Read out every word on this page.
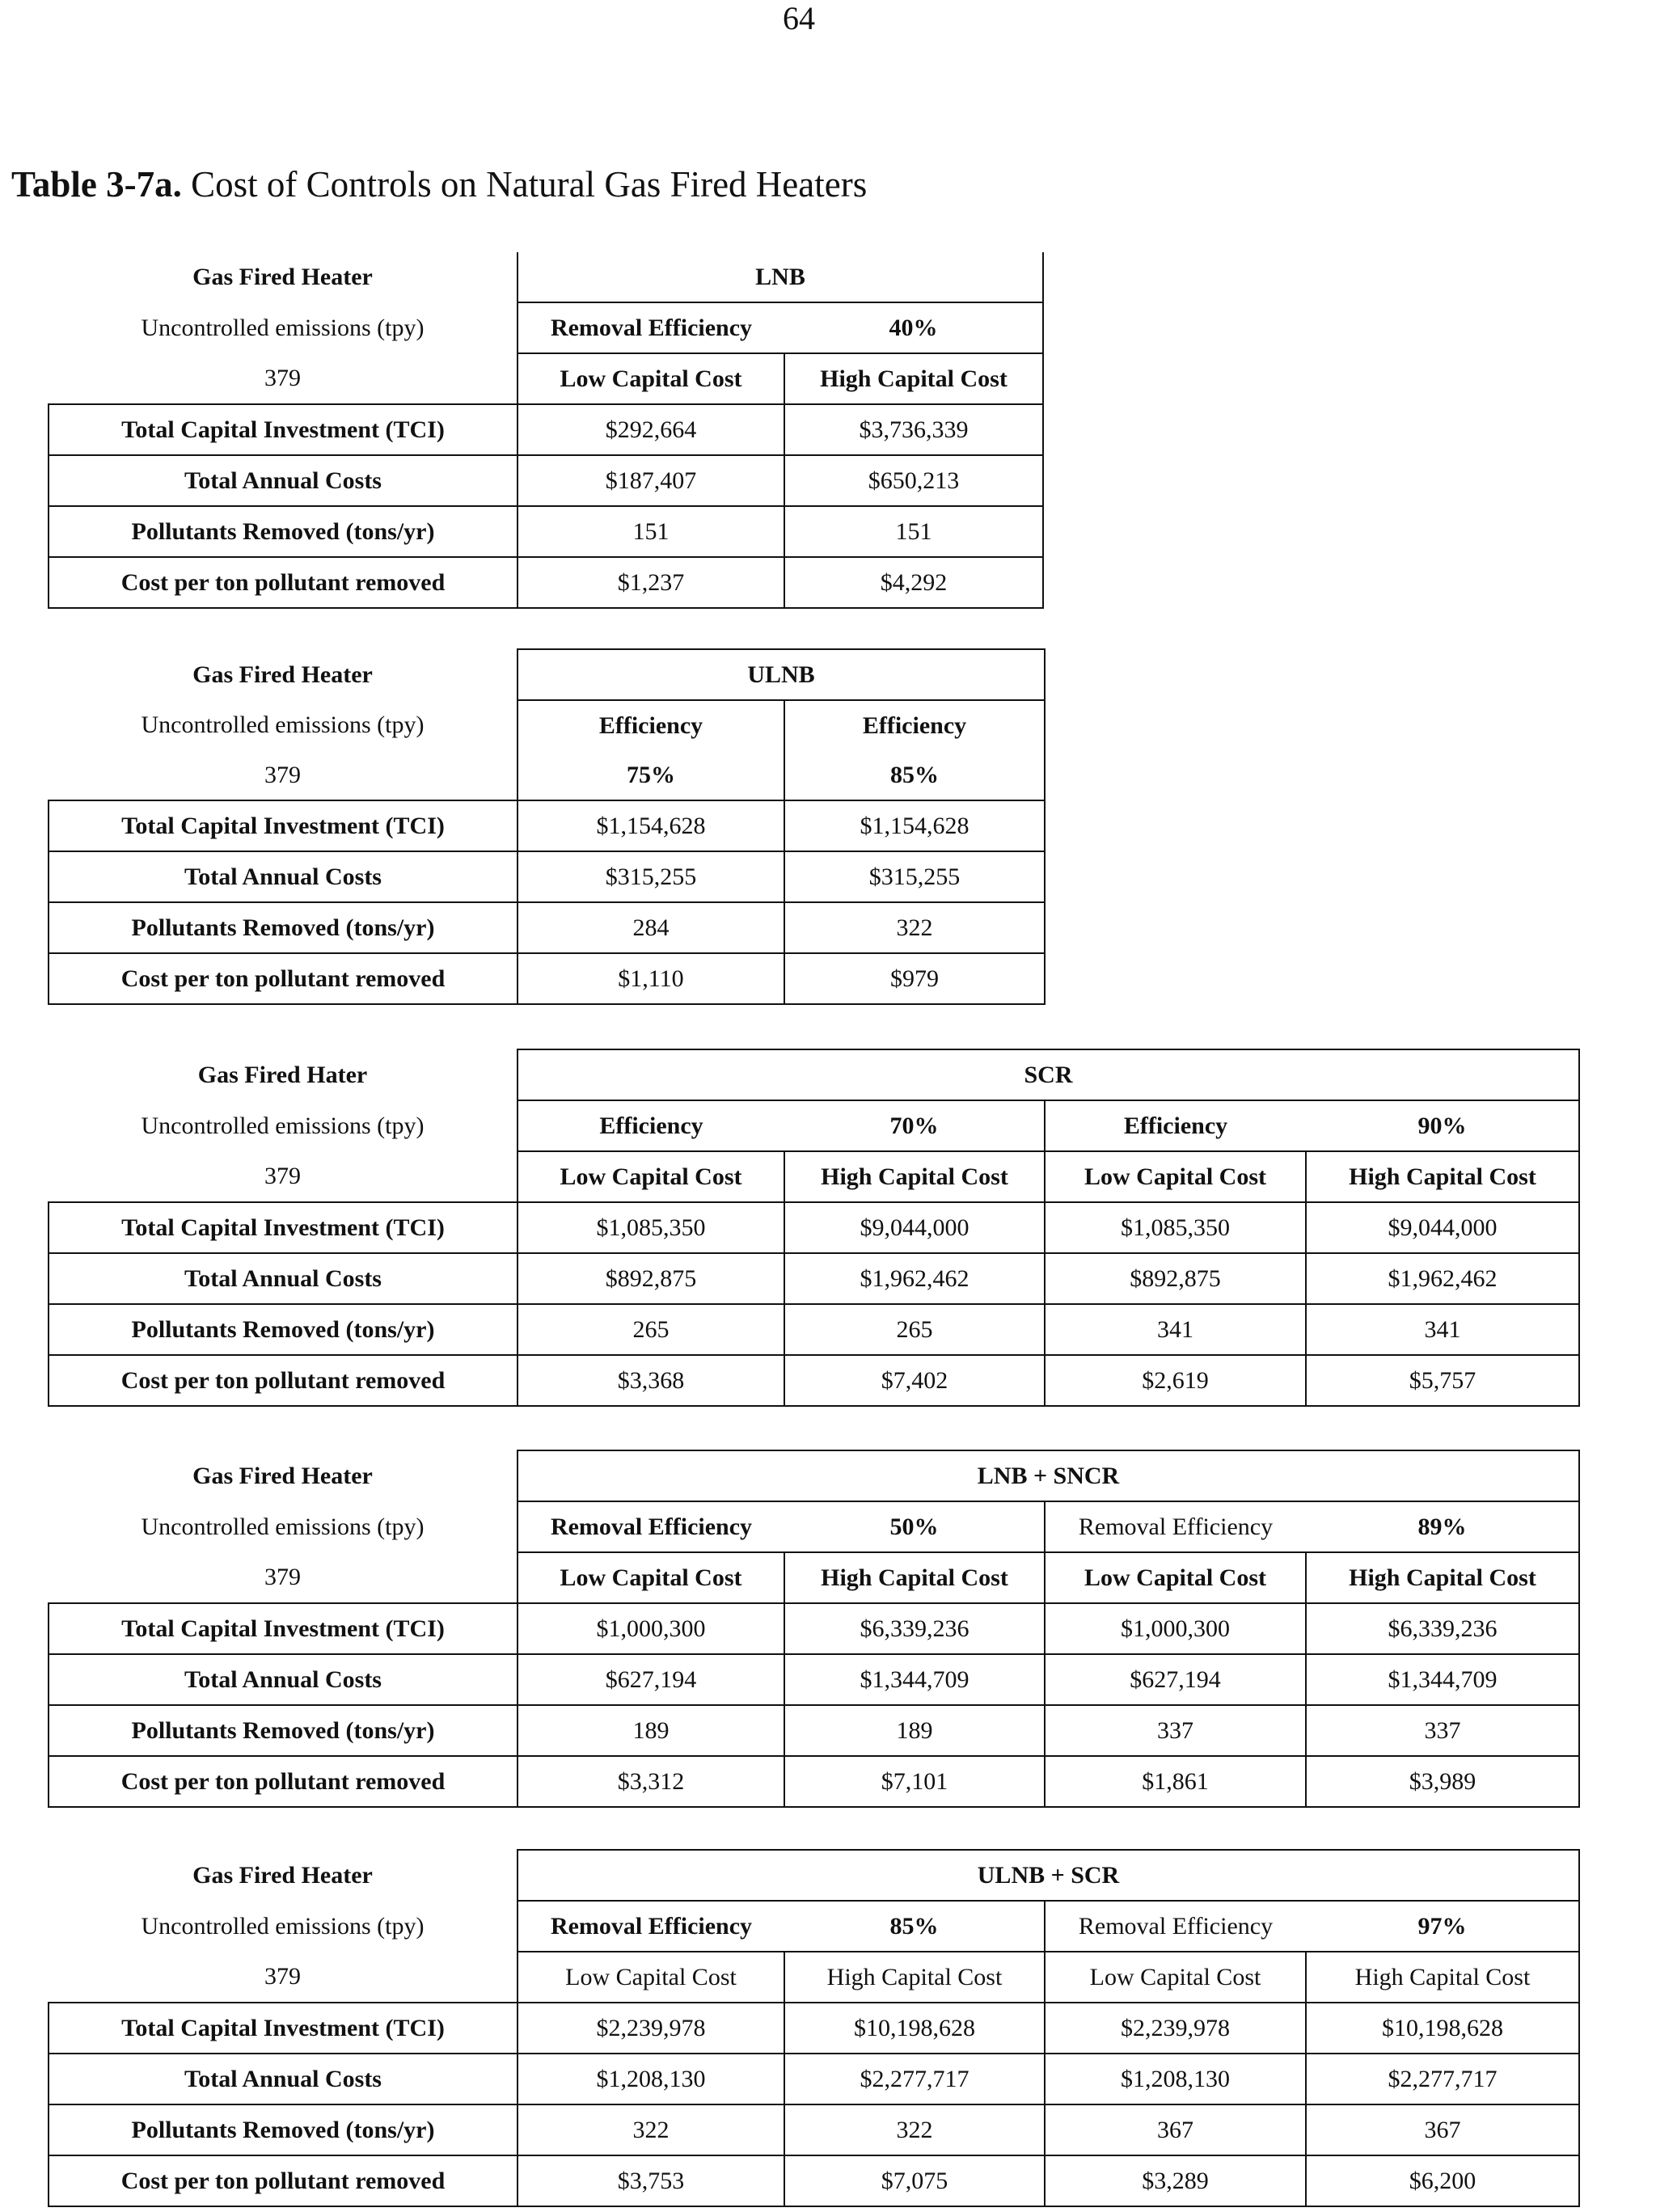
64
Table 3-7a. Cost of Controls on Natural Gas Fired Heaters
Gas Fired Heater	LNB	
Uncontrolled emissions (tpy)	Removal Efficiency	40%
379	Low Capital Cost	High Capital Cost
Total Capital Investment (TCI)	$292,664	$3,736,339
Total Annual Costs	$187,407	$650,213
Pollutants Removed (tons/yr)	151	151
Cost per ton pollutant removed	$1,237	$4,292
Gas Fired Heater	ULNB	
Uncontrolled emissions (tpy)	Efficiency	Efficiency
379	75%	85%
Total Capital Investment (TCI)	$1,154,628	$1,154,628
Total Annual Costs	$315,255	$315,255
Pollutants Removed (tons/yr)	284	322
Cost per ton pollutant removed	$1,110	$979
Gas Fired Hater	SCR			
Uncontrolled emissions (tpy)	Efficiency	70%	Efficiency	90%
379	Low Capital Cost	High Capital Cost	Low Capital Cost	High Capital Cost
Total Capital Investment (TCI)	$1,085,350	$9,044,000	$1,085,350	$9,044,000
Total Annual Costs	$892,875	$1,962,462	$892,875	$1,962,462
Pollutants Removed (tons/yr)	265	265	341	341
Cost per ton pollutant removed	$3,368	$7,402	$2,619	$5,757
Gas Fired Heater	LNB + SNCR			
Uncontrolled emissions (tpy)	Removal Efficiency	50%	Removal Efficiency	89%
379	Low Capital Cost	High Capital Cost	Low Capital Cost	High Capital Cost
Total Capital Investment (TCI)	$1,000,300	$6,339,236	$1,000,300	$6,339,236
Total Annual Costs	$627,194	$1,344,709	$627,194	$1,344,709
Pollutants Removed (tons/yr)	189	189	337	337
Cost per ton pollutant removed	$3,312	$7,101	$1,861	$3,989
Gas Fired Heater	ULNB + SCR			
Uncontrolled emissions (tpy)	Removal Efficiency	85%	Removal Efficiency	97%
379	Low Capital Cost	High Capital Cost	Low Capital Cost	High Capital Cost
Total Capital Investment (TCI)	$2,239,978	$10,198,628	$2,239,978	$10,198,628
Total Annual Costs	$1,208,130	$2,277,717	$1,208,130	$2,277,717
Pollutants Removed (tons/yr)	322	322	367	367
Cost per ton pollutant removed	$3,753	$7,075	$3,289	$6,200
